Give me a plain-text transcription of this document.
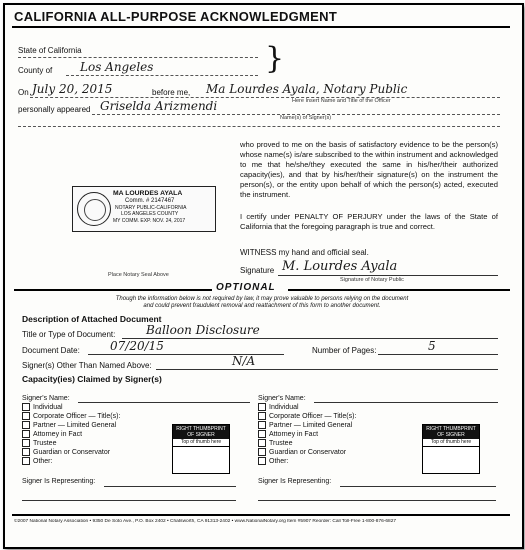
CALIFORNIA ALL-PURPOSE ACKNOWLEDGMENT
State of California
County of Los Angeles	}
On July 20, 2015	before me, Ma Lourdes Ayala, Notary Public
Here Insert Name and Title of the Officer
personally appeared Griselda Arizmendi
Name(s) of Signer(s)
who proved to me on the basis of satisfactory evidence to be the person(s) whose name(s) is/are subscribed to the within instrument and acknowledged to me that he/she/they executed the same in his/her/their authorized capacity(ies), and that by his/her/their signature(s) on the instrument the person(s), or the entity upon behalf of which the person(s) acted, executed the instrument.
I certify under PENALTY OF PERJURY under the laws of the State of California that the foregoing paragraph is true and correct.
WITNESS my hand and official seal.
Signature M. Lourdes Ayala
Signature of Notary Public
MA LOURDES AYALA
Comm. # 2147467
NOTARY PUBLIC-CALIFORNIA
LOS ANGELES COUNTY
MY COMM. EXP. NOV. 24, 2017
Place Notary Seal Above
OPTIONAL
Though the information below is not required by law, it may prove valuable to persons relying on the document
and could prevent fraudulent removal and reattachment of this form to another document.
Description of Attached Document
Title or Type of Document:	Balloon Disclosure
Document Date:	07/20/15	Number of Pages:	5
Signer(s) Other Than Named Above:	N/A
Capacity(ies) Claimed by Signer(s)
Signer's Name:
Individual
Corporate Officer — Title(s):
Partner — Limited General
Attorney in Fact
Trustee
Guardian or Conservator
Other:
RIGHT THUMBPRINT OF SIGNER
Top of thumb here
Signer Is Representing:
Signer's Name:
Individual
Corporate Officer — Title(s):
Partner — Limited General
Attorney in Fact
Trustee
Guardian or Conservator
Other:
RIGHT THUMBPRINT OF SIGNER
Top of thumb here
Signer Is Representing:
©2007 National Notary Association • 9350 De Soto Ave., P.O. Box 2402 • Chatsworth, CA 91313-2402 • www.NationalNotary.org Item #5907 Reorder: Call Toll-Free 1-800-876-6827
